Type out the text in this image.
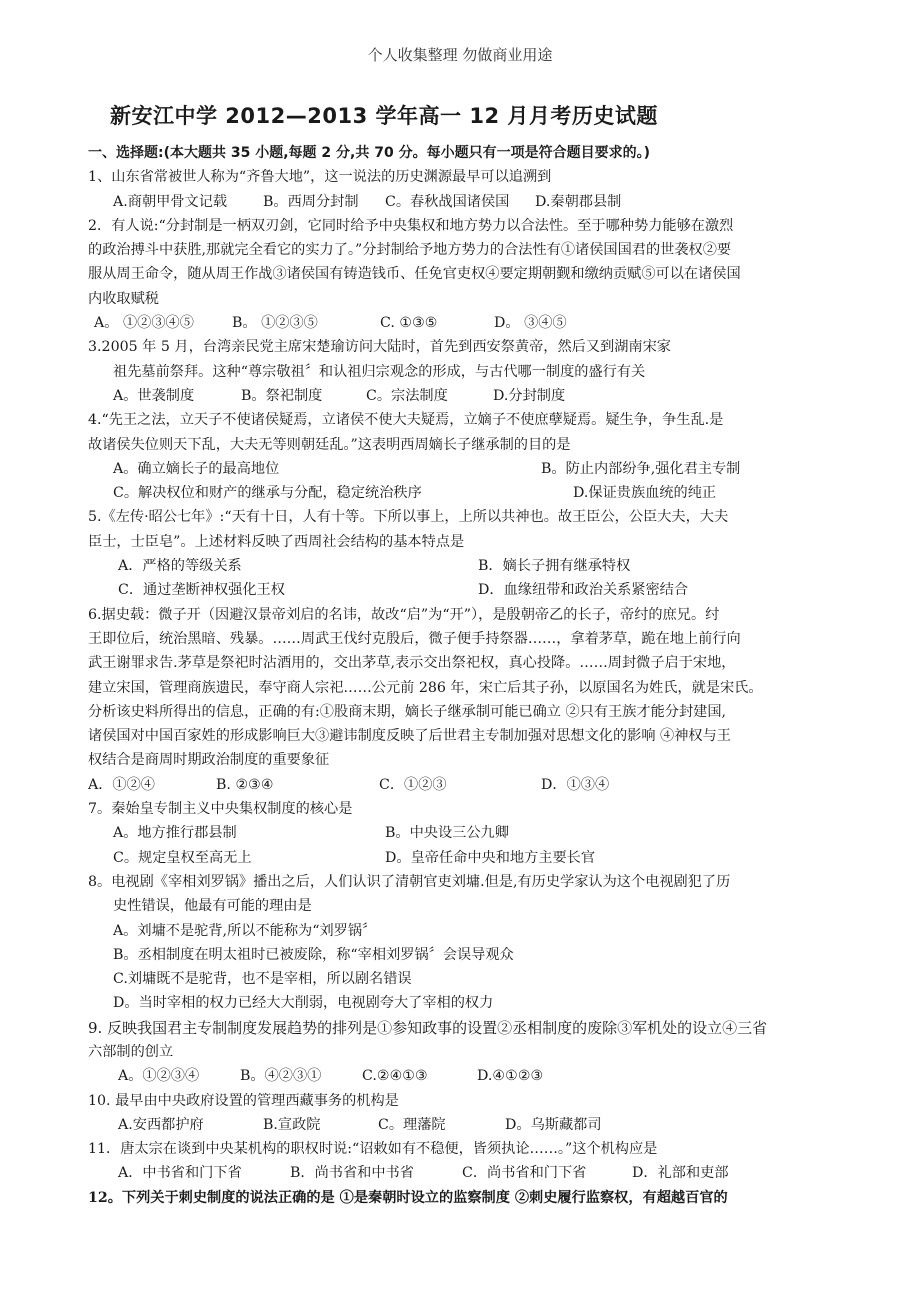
个人收集整理 勿做商业用途
新安江中学 2012—2013 学年高一 12 月月考历史试题
一、选择题:(本大题共 35 小题,每题 2 分,共 70 分。每小题只有一项是符合题目要求的。)
1、山东省常被世人称为“齐鲁大地”，这一说法的历史渊源最早可以追溯到
A.商朝甲骨文记载	B。西周分封制	C。春秋战国诸侯国	D.秦朝郡县制
2．有人说:“分封制是一柄双刃剑，它同时给予中央集权和地方势力以合法性。至于哪种势力能够在激烈
的政治搏斗中获胜,那就完全看它的实力了。”分封制给予地方势力的合法性有①诸侯国国君的世袭权②要
服从周王命令，随从周王作战③诸侯国有铸造钱币、任免官吏权④要定期朝觐和缴纳贡赋⑤可以在诸侯国
内收取赋税
A。 ①②③④⑤	B。 ①②③⑤	C. ①③⑤	D。 ③④⑤
3.2005 年 5 月，台湾亲民党主席宋楚瑜访问大陆时，首先到西安祭黄帝，然后又到湖南宋家
祖先墓前祭拜。这种“尊宗敬祖〞和认祖归宗观念的形成，与古代哪一制度的盛行有关
A。世袭制度	B。祭祀制度	C。宗法制度	D.分封制度
4.“先王之法，立天子不使诸侯疑焉，立诸侯不使大夫疑焉，立嫡子不使庶孽疑焉。疑生争，争生乱.是
故诸侯失位则天下乱，大夫无等则朝廷乱。”这表明西周嫡长子继承制的目的是
A。确立嫡长子的最高地位	B。防止内部纷争,强化君主专制
C。解决权位和财产的继承与分配，稳定统治秩序	D.保证贵族血统的纯正
5.《左传·昭公七年》:“天有十日，人有十等。下所以事上，上所以共神也。故王臣公，公臣大夫，大夫
臣士，士臣皂”。上述材料反映了西周社会结构的基本特点是
A．严格的等级关系	B．嫡长子拥有继承特权
C．通过垄断神权强化王权	D．血缘纽带和政治关系紧密结合
6.据史载：微子开（因避汉景帝刘启的名讳，故改“启”为“开”），是殷朝帝乙的长子，帝纣的庶兄。纣
王即位后，统治黑暗、残暴。……周武王伐纣克殷后，微子便手持祭器……，拿着茅草，跪在地上前行向
武王谢罪求告.茅草是祭祀时沾酒用的，交出茅草,表示交出祭祀权，真心投降。……周封微子启于宋地，
建立宋国，管理商族遗民，奉守商人宗祀……公元前 286 年，宋亡后其子孙，以原国名为姓氏，就是宋氏。
分析该史料所得出的信息，正确的有:①股商末期，嫡长子继承制可能已确立 ②只有王族才能分封建国,
诸侯国对中国百家姓的形成影响巨大③避讳制度反映了后世君主专制加强对思想文化的影响 ④神权与王
权结合是商周时期政治制度的重要象征
A．①②④	B. ②③④	C．①②③	D．①③④
7。秦始皇专制主义中央集权制度的核心是
A。地方推行郡县制	B。中央设三公九卿
C。规定皇权至高无上	D。皇帝任命中央和地方主要长官
8。电视剧《宰相刘罗锅》播出之后，人们认识了清朝官吏刘墉.但是,有历史学家认为这个电视剧犯了历
史性错误，他最有可能的理由是
A。刘墉不是驼背,所以不能称为“刘罗锅〞
B。丞相制度在明太祖时已被废除，称“宰相刘罗锅〞会误导观众
C.刘墉既不是驼背，也不是宰相，所以剧名错误
D。当时宰相的权力已经大大削弱，电视剧夸大了宰相的权力
9. 反映我国君主专制制度发展趋势的排列是①参知政事的设置②丞相制度的废除③军机处的设立④三省
六部制的创立
A。①②③④	B。④②③①	C.②④①③	D.④①②③
10. 最早由中央政府设置的管理西藏事务的机构是
A.安西都护府	B.宣政院	C。理藩院	D。乌斯藏都司
11．唐太宗在谈到中央某机构的职权时说:“诏敕如有不稳便，皆须执论……。”这个机构应是
A．中书省和门下省	B．尚书省和中书省	C．尚书省和门下省	D．礼部和吏部
12。下列关于刺史制度的说法正确的是 ①是秦朝时设立的监察制度 ②刺史履行监察权，有超越百官的
